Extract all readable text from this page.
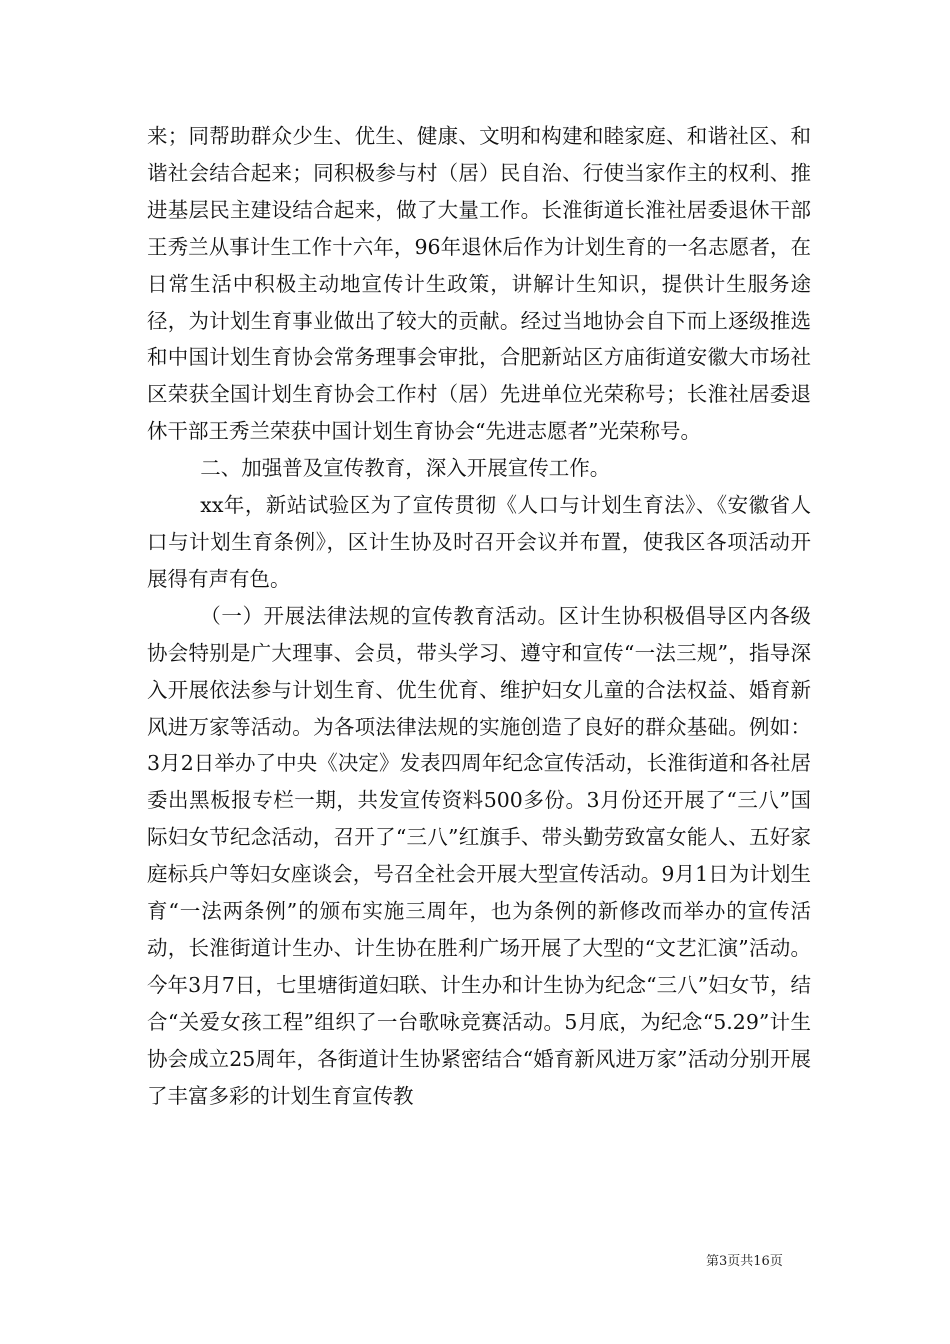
来；同帮助群众少生、优生、健康、文明和构建和睦家庭、和谐社区、和谐社会结合起来；同积极参与村（居）民自治、行使当家作主的权利、推进基层民主建设结合起来，做了大量工作。长淮街道长淮社居委退休干部王秀兰从事计生工作十六年，96年退休后作为计划生育的一名志愿者，在日常生活中积极主动地宣传计生政策，讲解计生知识，提供计生服务途径，为计划生育事业做出了较大的贡献。经过当地协会自下而上逐级推选和中国计划生育协会常务理事会审批，合肥新站区方庙街道安徽大市场社区荣获全国计划生育协会工作村（居）先进单位光荣称号；长淮社居委退休干部王秀兰荣获中国计划生育协会“先进志愿者”光荣称号。

二、加强普及宣传教育，深入开展宣传工作。

xx年，新站试验区为了宣传贯彻《人口与计划生育法》、《安徽省人口与计划生育条例》，区计生协及时召开会议并布置，使我区各项活动开展得有声有色。

（一）开展法律法规的宣传教育活动。区计生协积极倡导区内各级协会特别是广大理事、会员，带头学习、遵守和宣传“一法三规”，指导深入开展依法参与计划生育、优生优育、维护妇女儿童的合法权益、婚育新风进万家等活动。为各项法律法规的实施创造了良好的群众基础。例如：3月2日举办了中央《决定》发表四周年纪念宣传活动，长淮街道和各社居委出黑板报专栏一期，共发宣传资料500多份。3月份还开展了“三八”国际妇女节纪念活动，召开了“三八”红旗手、带头勤劳致富女能人、五好家庭标兵户等妇女座谈会，号召全社会开展大型宣传活动。9月1日为计划生育“一法两条例”的颁布实施三周年，也为条例的新修改而举办的宣传活动，长淮街道计生办、计生协在胜利广场开展了大型的“文艺汇演”活动。今年3月7日，七里塘街道妇联、计生办和计生协为纪念“三八”妇女节，结合“关爱女孩工程”组织了一台歌咏竞赛活动。5月底，为纪念“5.29”计生协会成立25周年，各街道计生协紧密结合“婚育新风进万家”活动分别开展了丰富多彩的计划生育宣传教

第3页共16页
